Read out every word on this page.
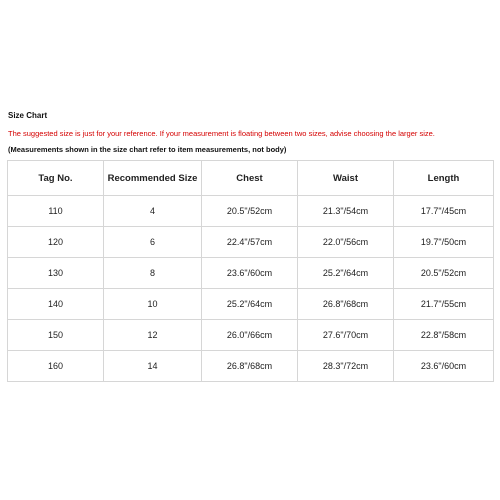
Size Chart
The suggested size is just for your reference. If your measurement is floating between two sizes, advise choosing the larger size.
(Measurements shown in the size chart refer to item measurements, not body)
Tag No.	Recommended Size	Chest	Waist	Length
110	4	20.5"/52cm	21.3"/54cm	17.7"/45cm
120	6	22.4"/57cm	22.0"/56cm	19.7"/50cm
130	8	23.6"/60cm	25.2"/64cm	20.5"/52cm
140	10	25.2"/64cm	26.8"/68cm	21.7"/55cm
150	12	26.0"/66cm	27.6"/70cm	22.8"/58cm
160	14	26.8"/68cm	28.3"/72cm	23.6"/60cm
